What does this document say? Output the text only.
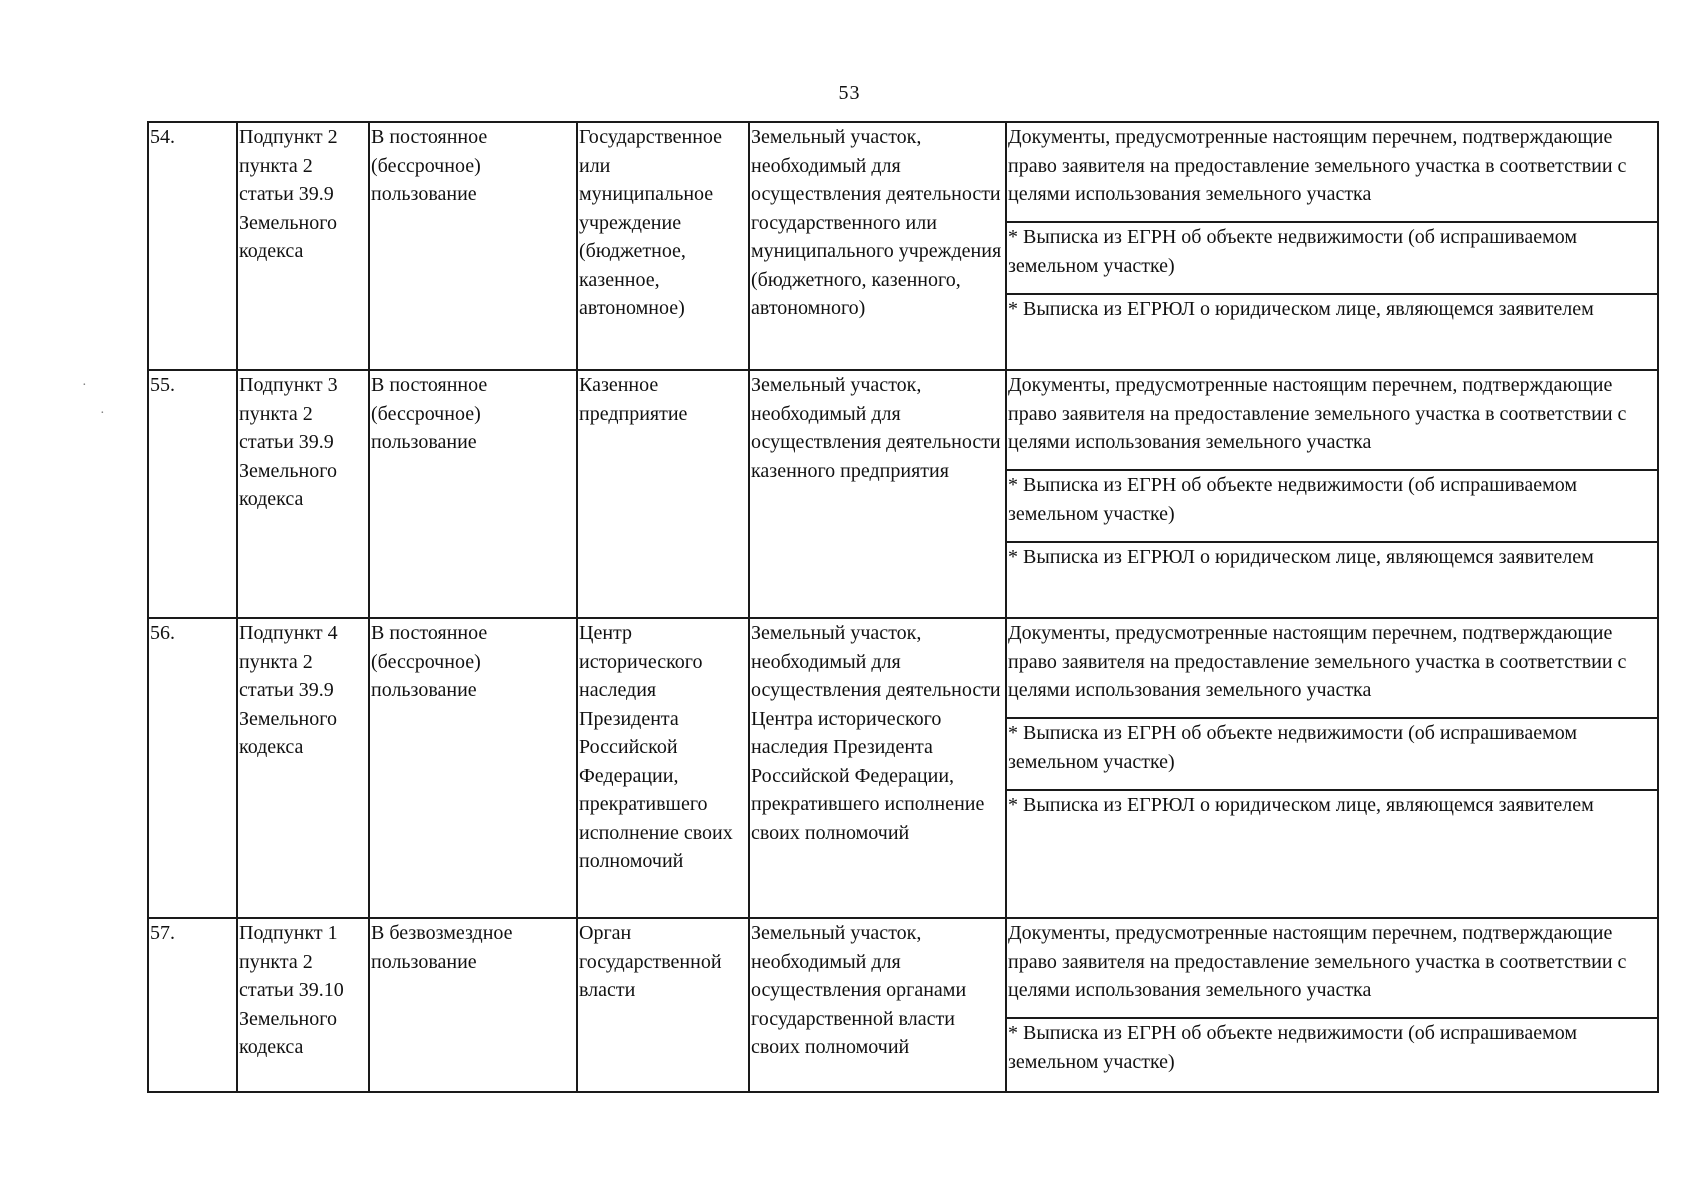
53
54.	Подпункт 2 пункта 2 статьи 39.9 Земельного кодекса	В постоянное (бессрочное) пользование	Государственное или муниципальное учреждение (бюджетное, казенное, автономное)	Земельный участок, необходимый для осуществления деятельности государственного или муниципального учреждения (бюджетного, казенного, автономного)	Документы, предусмотренные настоящим перечнем, подтверждающие право заявителя на предоставление земельного участка в соответствии с целями использования земельного участка
* Выписка из ЕГРН об объекте недвижимости (об испрашиваемом земельном участке)
* Выписка из ЕГРЮЛ о юридическом лице, являющемся заявителем

55.	Подпункт 3 пункта 2 статьи 39.9 Земельного кодекса	В постоянное (бессрочное) пользование	Казенное предприятие	Земельный участок, необходимый для осуществления деятельности казенного предприятия	Документы, предусмотренные настоящим перечнем, подтверждающие право заявителя на предоставление земельного участка в соответствии с целями использования земельного участка
* Выписка из ЕГРН об объекте недвижимости (об испрашиваемом земельном участке)
* Выписка из ЕГРЮЛ о юридическом лице, являющемся заявителем

56.	Подпункт 4 пункта 2 статьи 39.9 Земельного кодекса	В постоянное (бессрочное) пользование	Центр исторического наследия Президента Российской Федерации, прекратившего исполнение своих полномочий	Земельный участок, необходимый для осуществления деятельности Центра исторического наследия Президента Российской Федерации, прекратившего исполнение своих полномочий	Документы, предусмотренные настоящим перечнем, подтверждающие право заявителя на предоставление земельного участка в соответствии с целями использования земельного участка
* Выписка из ЕГРН об объекте недвижимости (об испрашиваемом земельном участке)
* Выписка из ЕГРЮЛ о юридическом лице, являющемся заявителем

57.	Подпункт 1 пункта 2 статьи 39.10 Земельного кодекса	В безвозмездное пользование	Орган государственной власти	Земельный участок, необходимый для осуществления органами государственной власти своих полномочий	Документы, предусмотренные настоящим перечнем, подтверждающие право заявителя на предоставление земельного участка в соответствии с целями использования земельного участка
* Выписка из ЕГРН об объекте недвижимости (об испрашиваемом земельном участке)
·
·
